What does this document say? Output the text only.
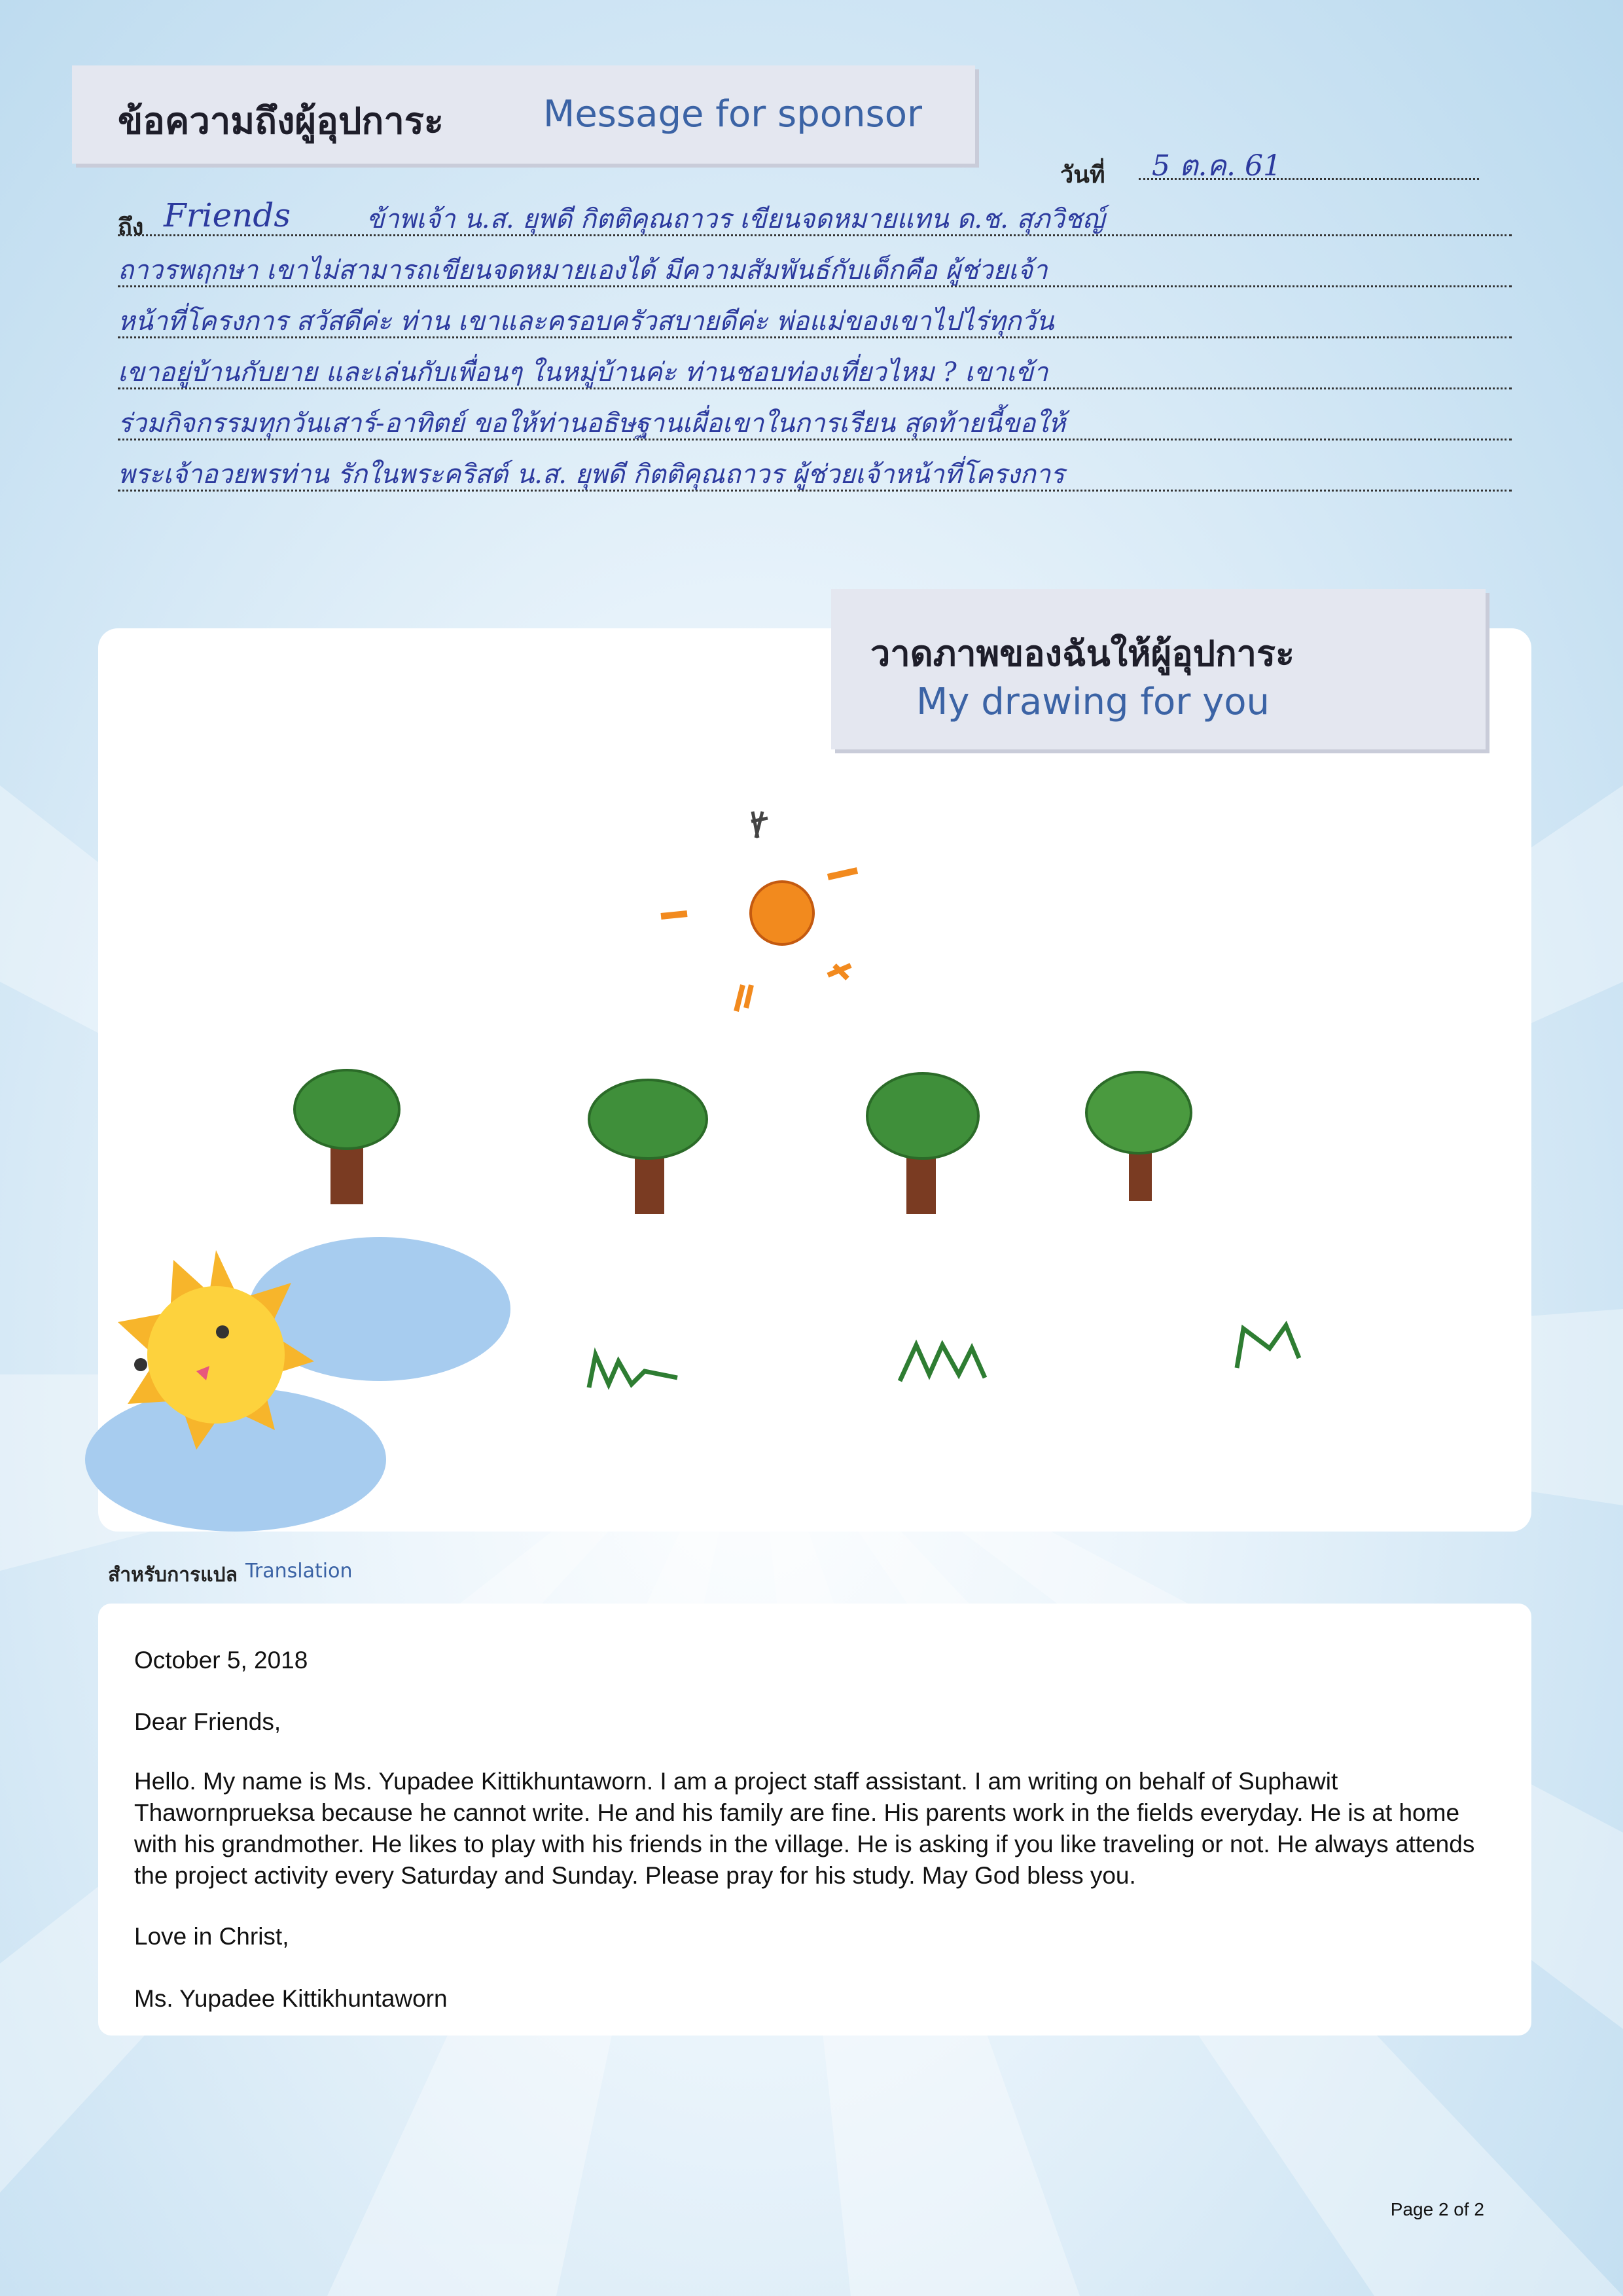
ข้อความถึงผู้อุปการะ	Message for sponsor
วันที่ 5 ต.ค. 61
ถึง Friends	ข้าพเจ้า น.ส. ยุพดี กิตติคุณถาวร เขียนจดหมายแทน ด.ช. สุภวิชญ์
ถาวรพฤกษา เขาไม่สามารถเขียนจดหมายเองได้ มีความสัมพันธ์กับเด็กคือ ผู้ช่วยเจ้า
หน้าที่โครงการ สวัสดีค่ะ ท่าน เขาและครอบครัวสบายดีค่ะ พ่อแม่ของเขาไปไร่ทุกวัน
เขาอยู่บ้านกับยาย และเล่นกับเพื่อนๆ ในหมู่บ้านค่ะ ท่านชอบท่องเที่ยวไหม ? เขาเข้า
ร่วมกิจกรรมทุกวันเสาร์-อาทิตย์ ขอให้ท่านอธิษฐานเผื่อเขาในการเรียน สุดท้ายนี้ขอให้
พระเจ้าอวยพรท่าน รักในพระคริสต์ น.ส. ยุพดี กิตติคุณถาวร ผู้ช่วยเจ้าหน้าที่โครงการ
วาดภาพของฉันให้ผู้อุปการะ
My drawing for you
สำหรับการแปล Translation
October 5, 2018
Dear Friends,
Hello. My name is Ms. Yupadee Kittikhuntaworn. I am a project staff assistant. I am writing on behalf of Suphawit Thawornprueksa because he cannot write. He and his family are fine. His parents work in the fields everyday. He is at home with his grandmother. He likes to play with his friends in the village. He is asking if you like traveling or not. He always attends the project activity every Saturday and Sunday. Please pray for his study. May God bless you.
Love in Christ,
Ms. Yupadee Kittikhuntaworn
Page 2 of 2
